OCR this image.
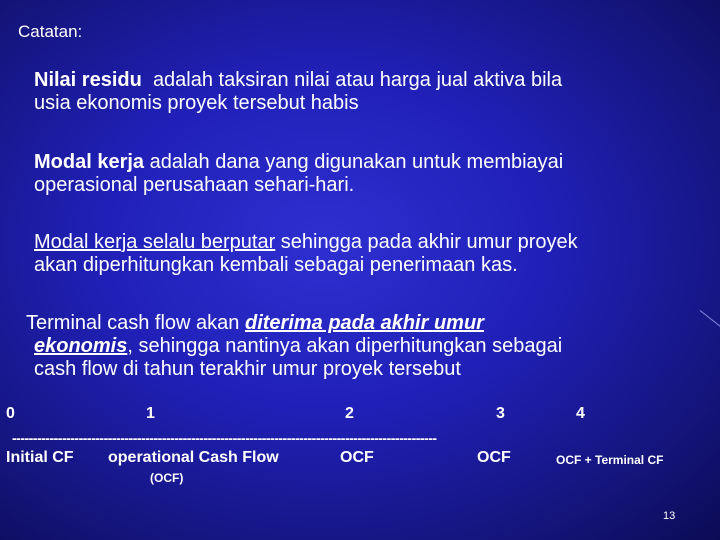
Catatan:
Nilai residu adalah taksiran nilai atau harga jual aktiva bila
usia ekonomis proyek tersebut habis
Modal kerja adalah dana yang digunakan untuk membiayai
operasional perusahaan sehari-hari.
Modal kerja selalu berputar sehingga pada akhir umur proyek
akan diperhitungkan kembali sebagai penerimaan kas.
Terminal cash flow akan diterima pada akhir umur
ekonomis, sehingga nantinya akan diperhitungkan sebagai
cash flow di tahun terakhir umur proyek tersebut
0	1	2	3	4
------------------------------------------------------------------------------------------------------
Initial CF operational Cash Flow	OCF	OCF	OCF + Terminal CF
(OCF)
13
